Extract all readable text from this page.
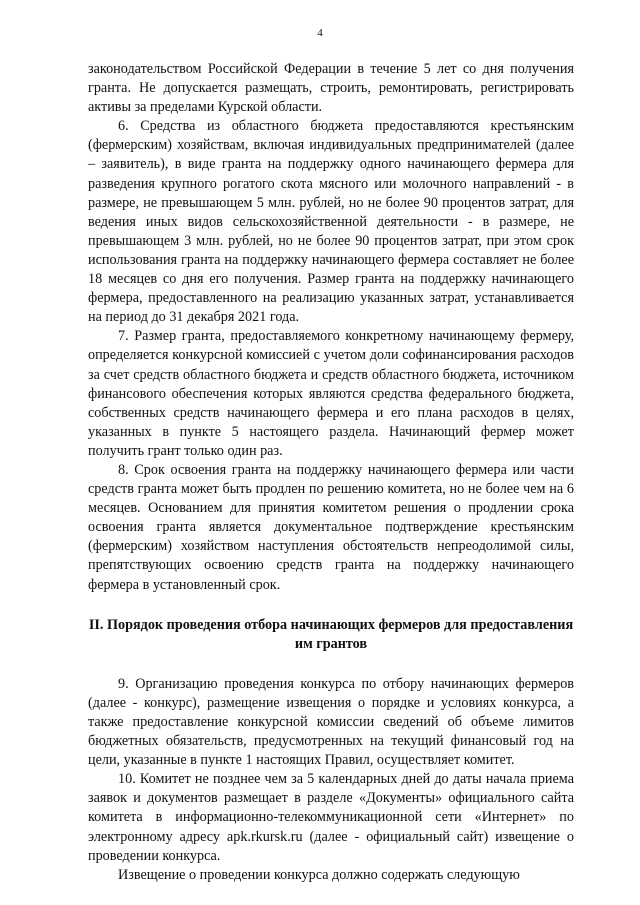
4

законодательством Российской Федерации в течение 5 лет со дня получения гранта. Не допускается размещать, строить, ремонтировать, регистрировать активы за пределами Курской области.

6. Средства из областного бюджета предоставляются крестьянским (фермерским) хозяйствам, включая индивидуальных предпринимателей (далее – заявитель), в виде гранта на поддержку одного начинающего фермера для разведения крупного рогатого скота мясного или молочного направлений - в размере, не превышающем 5 млн. рублей, но не более 90 процентов затрат, для ведения иных видов сельскохозяйственной деятельности - в размере, не превышающем 3 млн. рублей, но не более 90 процентов затрат, при этом срок использования гранта на поддержку начинающего фермера составляет не более 18 месяцев со дня его получения. Размер гранта на поддержку начинающего фермера, предоставленного на реализацию указанных затрат, устанавливается на период до 31 декабря 2021 года.

7. Размер гранта, предоставляемого конкретному начинающему фермеру, определяется конкурсной комиссией с учетом доли софинансирования расходов за счет средств областного бюджета и средств областного бюджета, источником финансового обеспечения которых являются средства федерального бюджета, собственных средств начинающего фермера и его плана расходов в целях, указанных в пункте 5 настоящего раздела. Начинающий фермер может получить грант только один раз.

8. Срок освоения гранта на поддержку начинающего фермера или части средств гранта может быть продлен по решению комитета, но не более чем на 6 месяцев. Основанием для принятия комитетом решения о продлении срока освоения гранта является документальное подтверждение крестьянским (фермерским) хозяйством наступления обстоятельств непреодолимой силы, препятствующих освоению средств гранта на поддержку начинающего фермера в установленный срок.

II. Порядок проведения отбора начинающих фермеров для предоставления им грантов

9. Организацию проведения конкурса по отбору начинающих фермеров (далее - конкурс), размещение извещения о порядке и условиях конкурса, а также предоставление конкурсной комиссии сведений об объеме лимитов бюджетных обязательств, предусмотренных на текущий финансовый год на цели, указанные в пункте 1 настоящих Правил, осуществляет комитет.

10. Комитет не позднее чем за 5 календарных дней до даты начала приема заявок и документов размещает в разделе «Документы» официального сайта комитета в информационно-телекоммуникационной сети «Интернет» по электронному адресу apk.rkursk.ru (далее - официальный сайт) извещение о проведении конкурса.

Извещение о проведении конкурса должно содержать следующую
